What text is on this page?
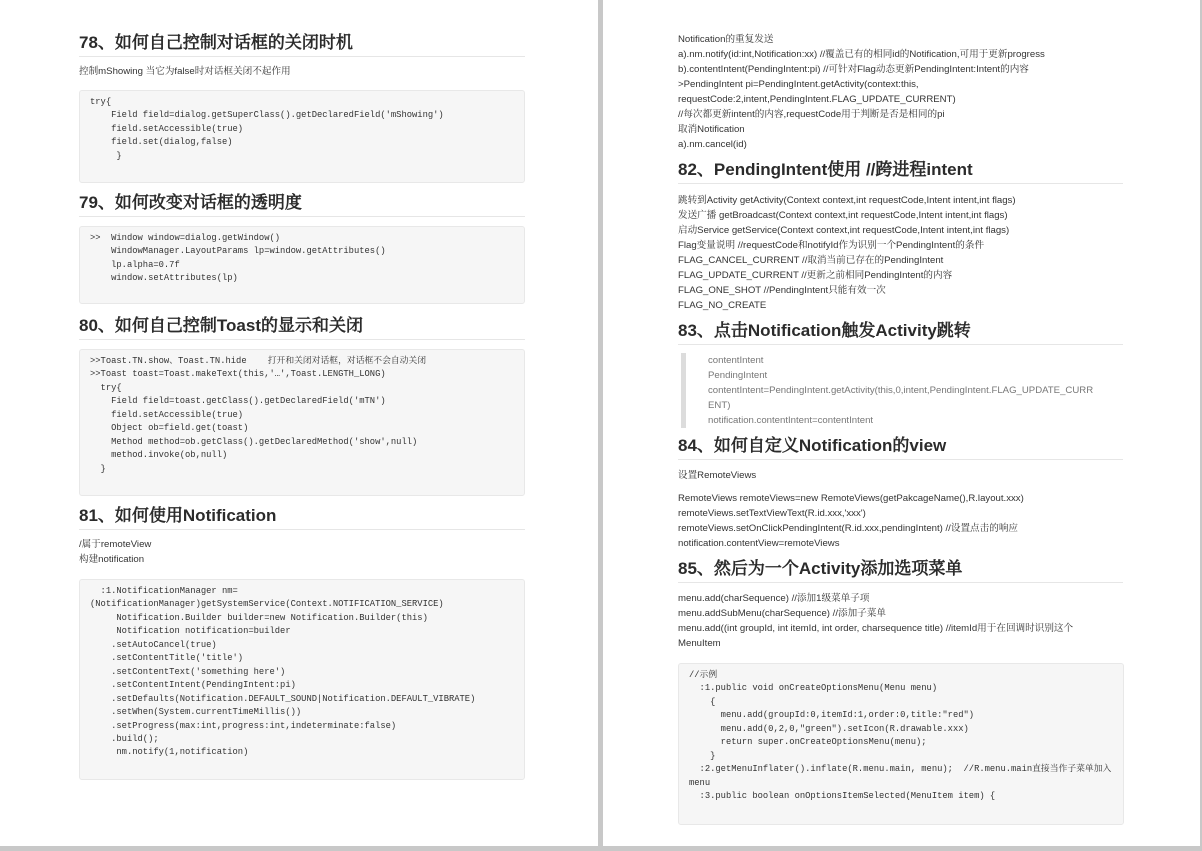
78、如何自己控制对话框的关闭时机
控制mShowing 当它为false时对话框关闭不起作用
try{
Field field=dialog.getSuperClass().getDeclaredField('mShowing')
field.setAccessible(true)
field.set(dialog,false)
}
79、如何改变对话框的透明度
>>  Window window=dialog.getWindow()
WindowManager.LayoutParams lp=window.getAttributes()
lp.alpha=0.7f
window.setAttributes(lp)
80、如何自己控制Toast的显示和关闭
>>Toast.TN.show、Toast.TN.hide    打开和关闭对话框，对话框不会自动关闭
>>Toast toast=Toast.makeText(this,'…',Toast.LENGTH_LONG)
try{
Field field=toast.getClass().getDeclaredField('mTN')
field.setAccessible(true)
Object ob=field.get(toast)
Method method=ob.getClass().getDeclaredMethod('show',null)
method.invoke(ob,null)
}
81、如何使用Notification
/属于remoteView
构建notification
:1.NotificationManager nm=
(NotificationManager)getSystemService(Context.NOTIFICATION_SERVICE)
Notification.Builder builder=new Notification.Builder(this)
Notification notification=builder
.setAutoCancel(true)
.setContentTitle('title')
.setContentText('something here')
.setContentIntent(PendingIntent:pi)
.setDefaults(Notification.DEFAULT_SOUND|Notification.DEFAULT_VIBRATE)
.setWhen(System.currentTimeMillis())
.setProgress(max:int,progress:int,indeterminate:false)
.build();
nm.notify(1,notification)
Notification的重复发送
a).nm.notify(id:int,Notification:xx) //覆盖已有的相同id的Notification,可用于更新progress
b).contentIntent(PendingIntent:pi) //可针对Flag动态更新PendingIntent:Intent的内容
>PendingIntent pi=PendingIntent.getActivity(context:this,
requestCode:2,intent,PendingIntent.FLAG_UPDATE_CURRENT)
//每次都更新intent的内容,requestCode用于判断是否是相同的pi
取消Notification
a).nm.cancel(id)
82、PendingIntent使用 //跨进程intent
跳转到Activity getActivity(Context context,int requestCode,Intent intent,int flags)
发送广播 getBroadcast(Context context,int requestCode,Intent intent,int flags)
启动Service getService(Context context,int requestCode,Intent intent,int flags)
Flag变量说明 //requestCode和notifyId作为识别一个PendingIntent的条件
FLAG_CANCEL_CURRENT //取消当前已存在的PendingIntent
FLAG_UPDATE_CURRENT //更新之前相同PendingIntent的内容
FLAG_ONE_SHOT //PendingIntent只能有效一次
FLAG_NO_CREATE
83、点击Notification触发Activity跳转
contentIntent
PendingIntent
contentIntent=PendingIntent.getActivity(this,0,intent,PendingIntent.FLAG_UPDATE_CURR
ENT)
notification.contentIntent=contentIntent
84、如何自定义Notification的view
设置RemoteViews
RemoteViews remoteViews=new RemoteViews(getPakcageName(),R.layout.xxx)
remoteViews.setTextViewText(R.id.xxx,'xxx')
remoteViews.setOnClickPendingIntent(R.id.xxx,pendingIntent) //设置点击的响应
notification.contentView=remoteViews
85、然后为一个Activity添加选项菜单
menu.add(charSequence) //添加1级菜单子项
menu.addSubMenu(charSequence) //添加子菜单
menu.add((int groupId, int itemId, int order, charsequence title) //itemId用于在回调时识别这个
MenuItem
//示例
:1.public void onCreateOptionsMenu(Menu menu)
{
menu.add(groupId:0,itemId:1,order:0,title:"red")
menu.add(0,2,0,"green").setIcon(R.drawable.xxx)
return super.onCreateOptionsMenu(menu);
}
:2.getMenuInflater().inflate(R.menu.main, menu);  //R.menu.main直接当作子菜单加入
menu
:3.public boolean onOptionsItemSelected(MenuItem item) {
